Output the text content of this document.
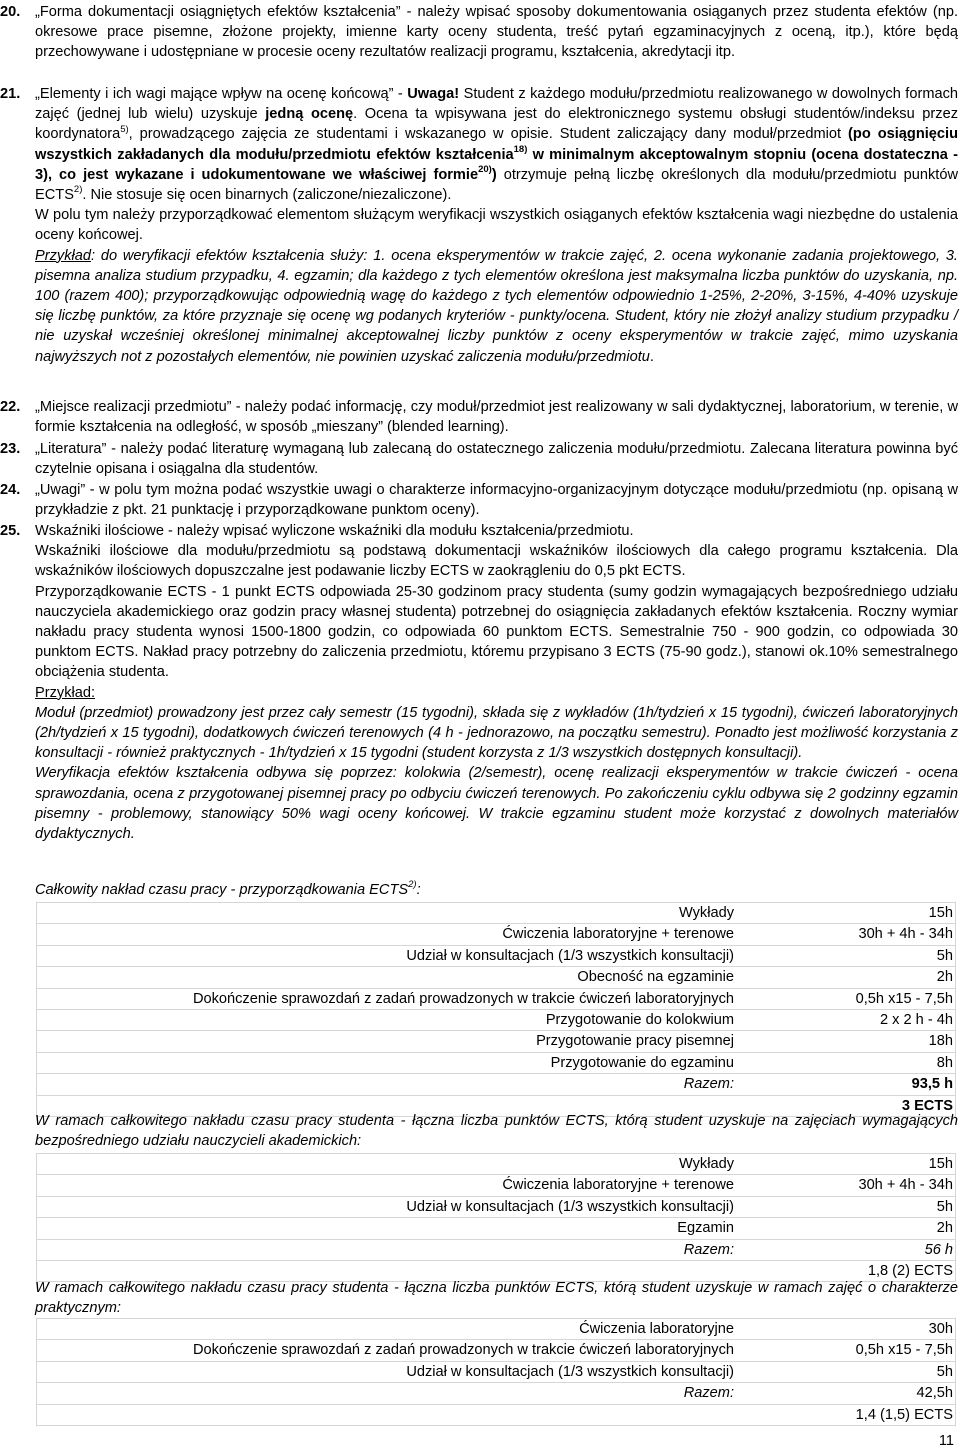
20.	„Forma dokumentacji osiągniętych efektów kształcenia” - należy wpisać sposoby dokumentowania osiąganych przez studenta efektów (np. okresowe prace pisemne, złożone projekty, imienne karty oceny studenta, treść pytań egzaminacyjnych z oceną, itp.), które będą przechowywane i udostępniane w procesie oceny rezultatów realizacji programu, kształcenia, akredytacji itp.

21.	„Elementy i ich wagi mające wpływ na ocenę końcową” - Uwaga! Student z każdego modułu/przedmiotu realizowanego w dowolnych formach zajęć (jednej lub wielu) uzyskuje jedną ocenę. Ocena ta wpisywana jest do elektronicznego systemu obsługi studentów/indeksu przez koordynatora$^{5)}$, prowadzącego zajęcia ze studentami i wskazanego w opisie. Student zaliczający dany moduł/przedmiot (po osiągnięciu wszystkich zakładanych dla modułu/przedmiotu efektów kształcenia$^{18)}$ w minimalnym akceptowalnym stopniu (ocena dostateczna - 3), co jest wykazane i udokumentowane we właściwej formie$^{20)}$) otrzymuje pełną liczbę określonych dla modułu/przedmiotu punktów ECTS$^{2)}$. Nie stosuje się ocen binarnych (zaliczone/niezaliczone).

W polu tym należy przyporządkować elementom służącym weryfikacji wszystkich osiąganych efektów kształcenia wagi niezbędne do ustalenia oceny końcowej.

Przykład: do weryfikacji efektów kształcenia służy: 1. ocena eksperymentów w trakcie zajęć, 2. ocena wykonanie zadania projektowego, 3. pisemna analiza studium przypadku, 4. egzamin; dla każdego z tych elementów określona jest maksymalna liczba punktów do uzyskania, np. 100 (razem 400); przyporządkowując odpowiednią wagę do każdego z tych elementów odpowiednio 1-25%, 2-20%, 3-15%, 4-40% uzyskuje się liczbę punktów, za które przyznaje się ocenę wg podanych kryteriów - punkty/ocena. Student, który nie złożył analizy studium przypadku / nie uzyskał wcześniej określonej minimalnej akceptowalnej liczby punktów z oceny eksperymentów w trakcie zajęć, mimo uzyskania najwyższych not z pozostałych elementów, nie powinien uzyskać zaliczenia modułu/przedmiotu.

22.	„Miejsce realizacji przedmiotu” - należy podać informację, czy moduł/przedmiot jest realizowany w sali dydaktycznej, laboratorium, w terenie, w formie kształcenia na odległość, w sposób „mieszany” (blended learning).

23.	„Literatura” - należy podać literaturę wymaganą lub zalecaną do ostatecznego zaliczenia modułu/przedmiotu. Zalecana literatura powinna być czytelnie opisana i osiągalna dla studentów.

24.	„Uwagi” - w polu tym można podać wszystkie uwagi o charakterze informacyjno-organizacyjnym dotyczące modułu/przedmiotu (np. opisaną w przykładzie z pkt. 21 punktację i przyporządkowane punktom oceny).

25.	Wskaźniki ilościowe - należy wpisać wyliczone wskaźniki dla modułu kształcenia/przedmiotu.

Wskaźniki ilościowe dla modułu/przedmiotu są podstawą dokumentacji wskaźników ilościowych dla całego programu kształcenia. Dla wskaźników ilościowych dopuszczalne jest podawanie liczby ECTS w zaokrągleniu do 0,5 pkt ECTS.

Przyporządkowanie ECTS - 1 punkt ECTS odpowiada 25-30 godzinom pracy studenta (sumy godzin wymagających bezpośredniego udziału nauczyciela akademickiego oraz godzin pracy własnej studenta) potrzebnej do osiągnięcia zakładanych efektów kształcenia. Roczny wymiar nakładu pracy studenta wynosi 1500-1800 godzin, co odpowiada 60 punktom ECTS. Semestralnie 750 - 900 godzin, co odpowiada 30 punktom ECTS. Nakład pracy potrzebny do zaliczenia przedmiotu, któremu przypisano 3 ECTS (75-90 godz.), stanowi ok.10% semestralnego obciążenia studenta.

Przykład:

Moduł (przedmiot) prowadzony jest przez cały semestr (15 tygodni), składa się z wykładów (1h/tydzień x 15 tygodni), ćwiczeń laboratoryjnych (2h/tydzień x 15 tygodni), dodatkowych ćwiczeń terenowych (4 h - jednorazowo, na początku semestru). Ponadto jest możliwość korzystania z konsultacji - również praktycznych - 1h/tydzień x 15 tygodni (student korzysta z 1/3 wszystkich dostępnych konsultacji).

Weryfikacja efektów kształcenia odbywa się poprzez: kolokwia (2/semestr), ocenę realizacji eksperymentów w trakcie ćwiczeń - ocena sprawozdania, ocena z przygotowanej pisemnej pracy po odbyciu ćwiczeń terenowych. Po zakończeniu cyklu odbywa się 2 godzinny egzamin pisemny - problemowy, stanowiący 50% wagi oceny końcowej. W trakcie egzaminu student może korzystać z dowolnych materiałów dydaktycznych.

Całkowity nakład czasu pracy - przyporządkowania ECTS$^{2)}$:
Wykłady	15h
Ćwiczenia laboratoryjne + terenowe	30h + 4h - 34h
Udział w konsultacjach (1/3 wszystkich konsultacji)	5h
Obecność na egzaminie	2h
Dokończenie sprawozdań z zadań prowadzonych w trakcie ćwiczeń laboratoryjnych	0,5h x15 - 7,5h
Przygotowanie do kolokwium	2 x 2 h - 4h
Przygotowanie pracy pisemnej	18h
Przygotowanie do egzaminu	8h
Razem:	93,5 h
	3 ECTS
W ramach całkowitego nakładu czasu pracy studenta - łączna liczba punktów ECTS, którą student uzyskuje na zajęciach wymagających bezpośredniego udziału nauczycieli akademickich:
Wykłady	15h
Ćwiczenia laboratoryjne + terenowe	30h + 4h - 34h
Udział w konsultacjach (1/3 wszystkich konsultacji)	5h
Egzamin	2h
Razem:	56 h
	1,8 (2) ECTS
W ramach całkowitego nakładu czasu pracy studenta - łączna liczba punktów ECTS, którą student uzyskuje w ramach zajęć o charakterze praktycznym:
Ćwiczenia laboratoryjne	30h
Dokończenie sprawozdań z zadań prowadzonych w trakcie ćwiczeń laboratoryjnych	0,5h x15 - 7,5h
Udział w konsultacjach (1/3 wszystkich konsultacji)	5h
Razem:	42,5h
	1,4 (1,5) ECTS
11
